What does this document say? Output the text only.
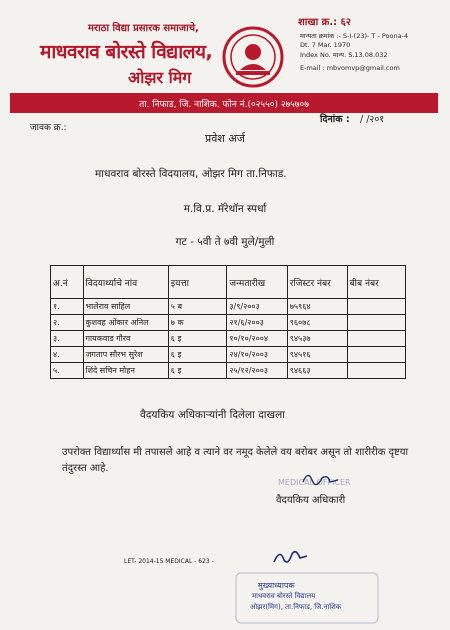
मराठा विद्या प्रसारक समाजाचे,
माधवराव बोरस्ते विद्यालय,
ओझर मिग
शाखा क्र.: ६२
मान्यता क्रमांक :- S-I-(23)- T - Poona-4
Dt. 7 Mar. 1970
Index No. मान्य. S.13.08.032
E-mail : mbvomvp@gmail.com
ता. निफाड, जि. नाशिक. फोन नं.(०२५५०) २७५७०७
जावक क्र.:
दिनांक : / /२०१
प्रवेश अर्ज
माधवराव बोरस्ते विदयालय, ओझर मिग ता.निफाड.
म.वि.प्र. मॅरेथॉन स्पर्धा
गट - ५वी ते ७वी मुले/मुली
अ.नं	विदयार्थ्याचे नांव	इयत्ता	जन्मतारीख	रजिस्टर नंबर	बीब नंबर
१.	भालेराव साहिल	५ ब	३/९/२००३	७५९६४	
२.	कुशवह ओंकार अनिल	७ क	२१/६/२००३	९६०७८	
३.	गायकवाड गौरव	६ इ	१०/१०/२००४	९४५३७	
४.	जगताप सौरभ सुरेश	६ इ	२४/१०/२००३	९४५१६	
५.	शिंदे सचिन मोहन	६ इ	२५/१२/२००३	९४६६३	
वैदयकिय अधिकाऱ्यांनी दिलेला दाखला
उपरोक्त विद्यार्थ्यास मी तपासले आहे व त्याने वर नमूद केलेले वय बरोबर असून तो शारीरीक दृष्टया तंदुरस्त आहे.
MEDICAL OFFICER
वैदयकिय अधिकारी
LET- 2014-15 MEDICAL - 623 -
मुख्याध्यापक
माधवराव बोरस्ते विद्यालय
ओझर(मिग), ता.निफाड, जि.नाशिक
